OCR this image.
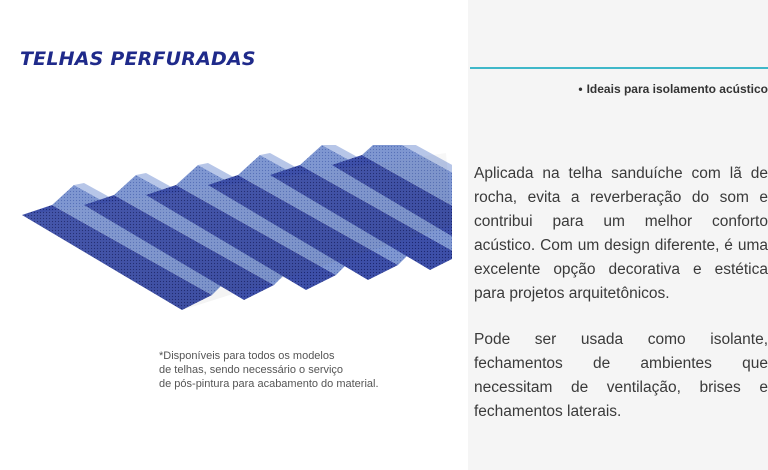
TELHAS PERFURADAS
• Ideais para isolamento acústico

Aplicada na telha sanduíche com lã de rocha, evita a reverberação do som e contribui para um melhor conforto acústico. Com um design diferente, é uma excelente opção decorativa e estética para projetos arquitetônicos.

Pode ser usada como isolante, fechamentos de ambientes que necessitam de ventilação, brises e fechamentos laterais.

*Disponíveis para todos os modelos
de telhas, sendo necessário o serviço
de pós-pintura para acabamento do material.
